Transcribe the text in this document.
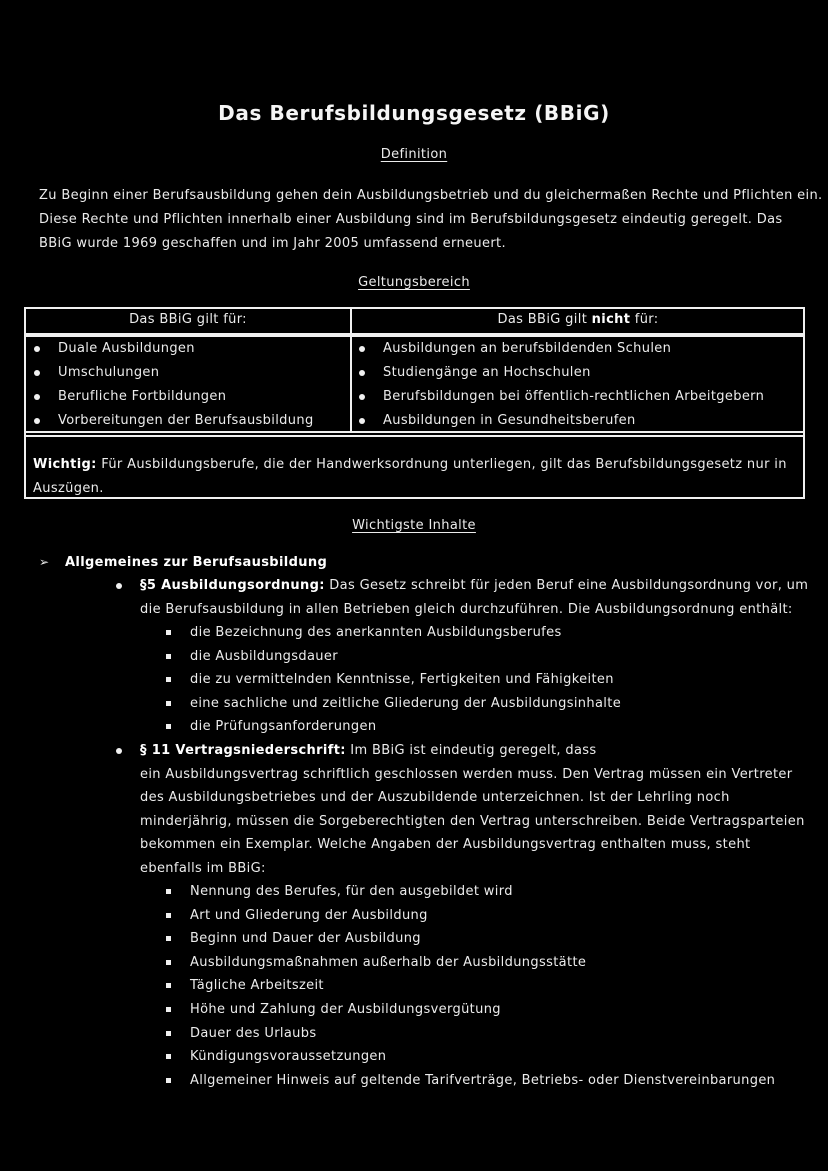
Das Berufsbildungsgesetz (BBiG)
Definition

Zu Beginn einer Berufsausbildung gehen dein Ausbildungsbetrieb und du gleichermaßen Rechte und Pflichten ein.
Diese Rechte und Pflichten innerhalb einer Ausbildung sind im Berufsbildungsgesetz eindeutig geregelt. Das
BBiG wurde 1969 geschaffen und im Jahr 2005 umfassend erneuert.

Geltungsbereich
Das BBiG gilt für:	Das BBiG gilt nicht für:
Duale Ausbildungen
Umschulungen
Berufliche Fortbildungen
Vorbereitungen der Berufsausbildung
Ausbildungen an berufsbildenden Schulen
Studiengänge an Hochschulen
Berufsbildungen bei öffentlich-rechtlichen Arbeitgebern
Ausbildungen in Gesundheitsberufen
Wichtig: Für Ausbildungsberufe, die der Handwerksordnung unterliegen, gilt das Berufsbildungsgesetz nur in
Auszügen.
Wichtigste Inhalte
➢ Allgemeines zur Berufsausbildung
§5 Ausbildungsordnung: Das Gesetz schreibt für jeden Beruf eine Ausbildungsordnung vor, um
die Berufsausbildung in allen Betrieben gleich durchzuführen. Die Ausbildungsordnung enthält:
die Bezeichnung des anerkannten Ausbildungsberufes
die Ausbildungsdauer
die zu vermittelnden Kenntnisse, Fertigkeiten und Fähigkeiten
eine sachliche und zeitliche Gliederung der Ausbildungsinhalte
die Prüfungsanforderungen
§ 11 Vertragsniederschrift: Im BBiG ist eindeutig geregelt, dass
ein Ausbildungsvertrag schriftlich geschlossen werden muss. Den Vertrag müssen ein Vertreter
des Ausbildungsbetriebes und der Auszubildende unterzeichnen. Ist der Lehrling noch
minderjährig, müssen die Sorgeberechtigten den Vertrag unterschreiben. Beide Vertragsparteien
bekommen ein Exemplar. Welche Angaben der Ausbildungsvertrag enthalten muss, steht
ebenfalls im BBiG:
Nennung des Berufes, für den ausgebildet wird
Art und Gliederung der Ausbildung
Beginn und Dauer der Ausbildung
Ausbildungsmaßnahmen außerhalb der Ausbildungsstätte
Tägliche Arbeitszeit
Höhe und Zahlung der Ausbildungsvergütung
Dauer des Urlaubs
Kündigungsvoraussetzungen
Allgemeiner Hinweis auf geltende Tarifverträge, Betriebs- oder Dienstvereinbarungen
